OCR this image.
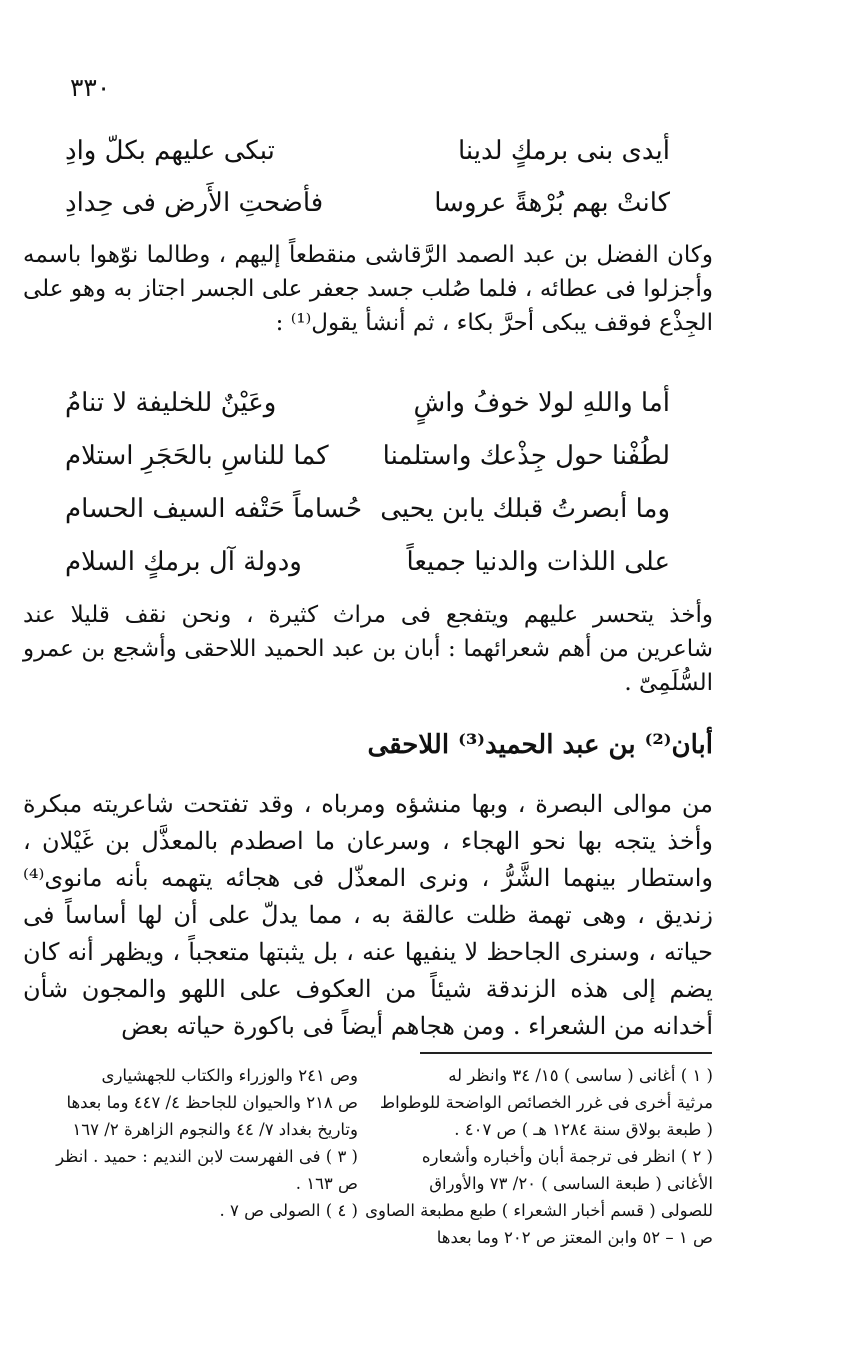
٣٣٠
أيدى بنى برمكٍ لدينا
تبكى عليهم بكلّ وادِ
كانتْ بهم بُرْهةً عروسا
فأضحتِ الأَرض فى حِدادِ

وكان الفضل بن عبد الصمد الرَّقاشى منقطعاً إليهم ، وطالما نوّهوا باسمه وأجزلوا فى عطائه ، فلما صُلب جسد جعفر على الجسر اجتاز به وهو على الجِذْع فوقف يبكى أحرَّ بكاء ، ثم أنشأ يقول⁽¹⁾ :

أما واللهِ لولا خوفُ واشٍ
وعَيْنٌ للخليفة لا تنامُ
لطُفْنا حول جِذْعك واستلمنا
كما للناسِ بالحَجَرِ استلام
وما أبصرتُ قبلك يابن يحيى
حُساماً حَتْفه السيف الحسام
على اللذات والدنيا جميعاً
ودولة آل برمكٍ السلام

وأخذ يتحسر عليهم ويتفجع فى مراث كثيرة ، ونحن نقف قليلا عند شاعرين من أهم شعرائهما : أبان بن عبد الحميد اللاحقى وأشجع بن عمرو السُّلَمِىّ .

أبان⁽²⁾ بن عبد الحميد⁽³⁾ اللاحقى

من موالى البصرة ، وبها منشؤه ومرباه ، وقد تفتحت شاعريته مبكرة وأخذ يتجه بها نحو الهجاء ، وسرعان ما اصطدم بالمعذَّل بن غَيْلان ، واستطار بينهما الشَّرُّ ، ونرى المعذّل فى هجائه يتهمه بأنه مانوى⁽⁴⁾ زنديق ، وهى تهمة ظلت عالقة به ، مما يدلّ على أن لها أساساً فى حياته ، وسنرى الجاحظ لا ينفيها عنه ، بل يثبتها متعجباً ، ويظهر أنه كان يضم إلى هذه الزندقة شيئاً من العكوف على اللهو والمجون شأن أخدانه من الشعراء . ومن هجاهم أيضاً فى باكورة حياته بعض

( ١ ) أغانى ( ساسى ) ١٥/ ٣٤ وانظر له
مرثية أخرى فى غرر الخصائص الواضحة للوطواط
( طبعة بولاق سنة ١٢٨٤ هـ ) ص ٤٠٧ .
( ٢ ) انظر فى ترجمة أبان وأخباره وأشعاره
الأغانى ( طبعة الساسى ) ٢٠/ ٧٣ والأوراق
للصولى ( قسم أخبار الشعراء ) طبع مطبعة الصاوى
ص ١ – ٥٢ وابن المعتز ص ٢٠٢ وما بعدها
وص ٢٤١ والوزراء والكتاب للجهشيارى
ص ٢١٨ والحيوان للجاحظ ٤/ ٤٤٧ وما بعدها
وتاريخ بغداد ٧/ ٤٤ والنجوم الزاهرة ٢/ ١٦٧
( ٣ ) فى الفهرست لابن النديم : حميد . انظر
ص ١٦٣ .
( ٤ ) الصولى ص ٧ .
